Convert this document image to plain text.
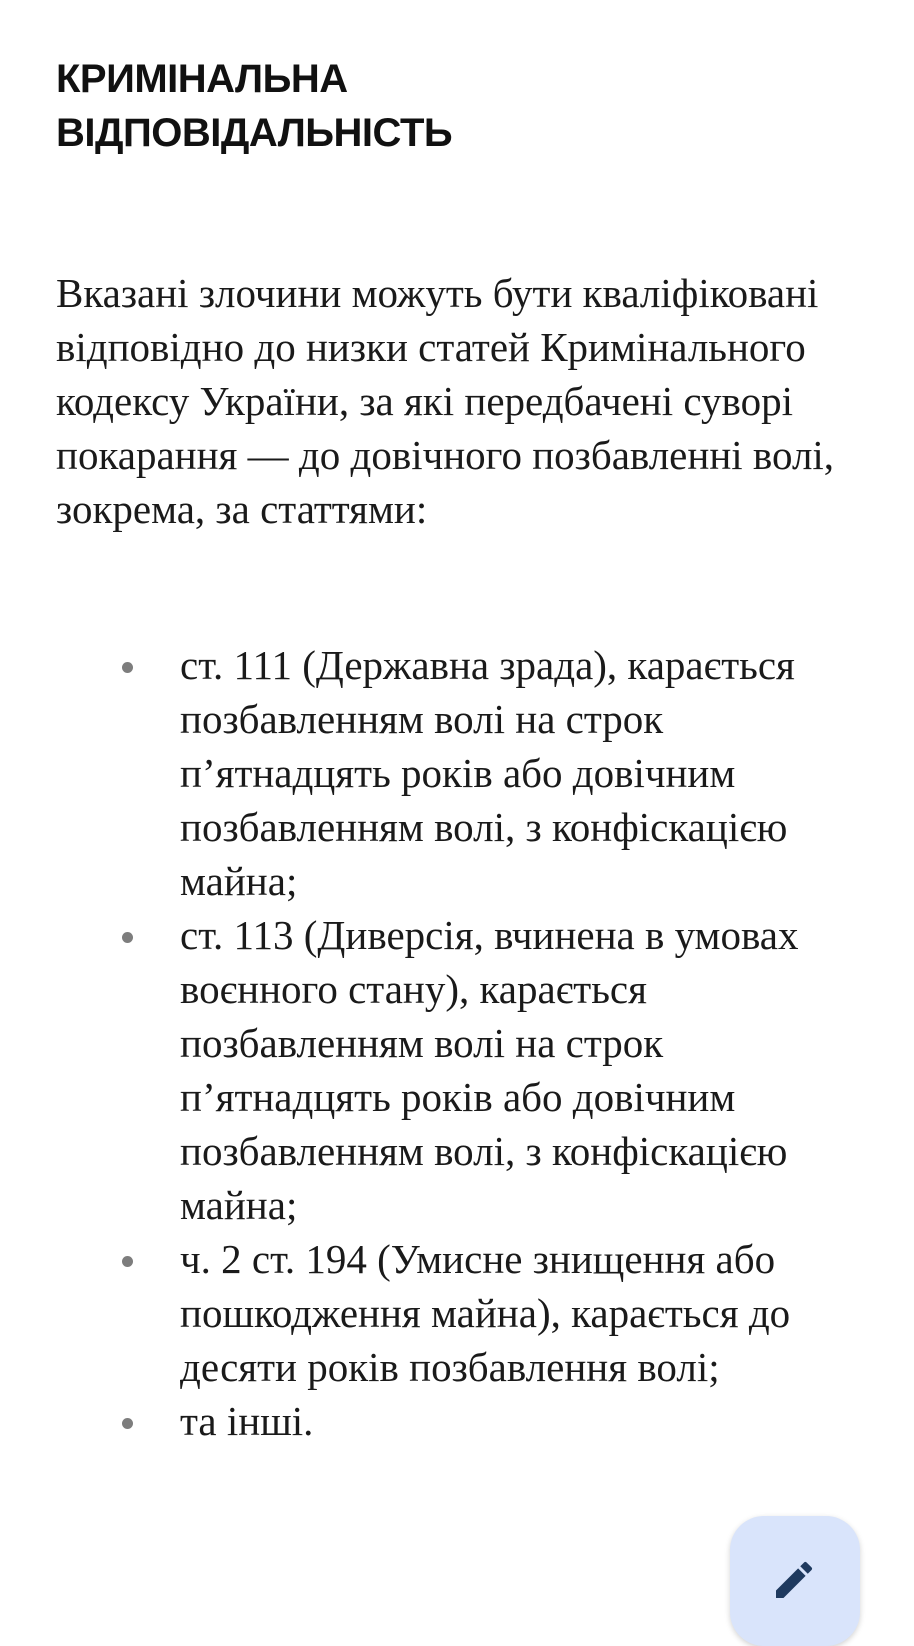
КРИМІНАЛЬНА
ВІДПОВІДАЛЬНІСТЬ

Вказані злочини можуть бути кваліфіковані відповідно до низки статей Кримінального кодексу України, за які передбачені суворі покарання — до довічного позбавленні волі, зокрема, за статтями:

ст. 111 (Державна зрада), карається позбавленням волі на строк п’ятнадцять років або довічним позбавленням волі, з конфіскацією майна;
ст. 113 (Диверсія, вчинена в умовах воєнного стану), карається позбавленням волі на строк п’ятнадцять років або довічним позбавленням волі, з конфіскацією майна;
ч. 2 ст. 194 (Умисне знищення або пошкодження майна), карається до десяти років позбавлення волі;
та інші.
